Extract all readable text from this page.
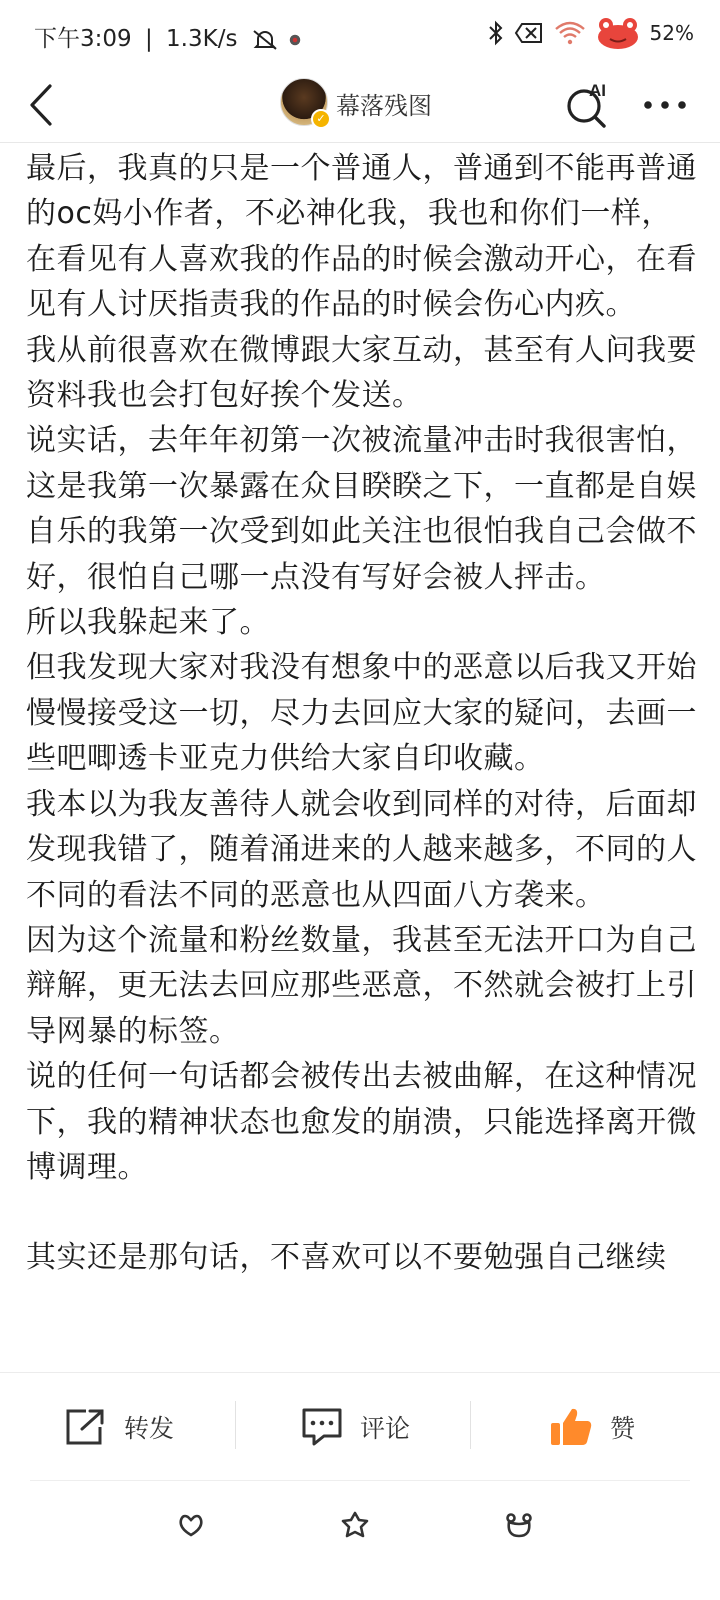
下午3:09 | 1.3K/s	52%
✓ 幕落残图
AI

最后，我真的只是一个普通人，普通到不能再普通的oc妈小作者，不必神化我，我也和你们一样，在看见有人喜欢我的作品的时候会激动开心，在看见有人讨厌指责我的作品的时候会伤心内疚。

我从前很喜欢在微博跟大家互动，甚至有人问我要资料我也会打包好挨个发送。

说实话，去年年初第一次被流量冲击时我很害怕，这是我第一次暴露在众目睽睽之下，一直都是自娱自乐的我第一次受到如此关注也很怕我自己会做不好，很怕自己哪一点没有写好会被人抨击。

所以我躲起来了。

但我发现大家对我没有想象中的恶意以后我又开始慢慢接受这一切，尽力去回应大家的疑问，去画一些吧唧透卡亚克力供给大家自印收藏。

我本以为我友善待人就会收到同样的对待，后面却发现我错了，随着涌进来的人越来越多，不同的人不同的看法不同的恶意也从四面八方袭来。

因为这个流量和粉丝数量，我甚至无法开口为自己辩解，更无法去回应那些恶意，不然就会被打上引导网暴的标签。

说的任何一句话都会被传出去被曲解，在这种情况下，我的精神状态也愈发的崩溃，只能选择离开微博调理。

其实还是那句话，不喜欢可以不要勉强自己继续

转发	评论	赞
